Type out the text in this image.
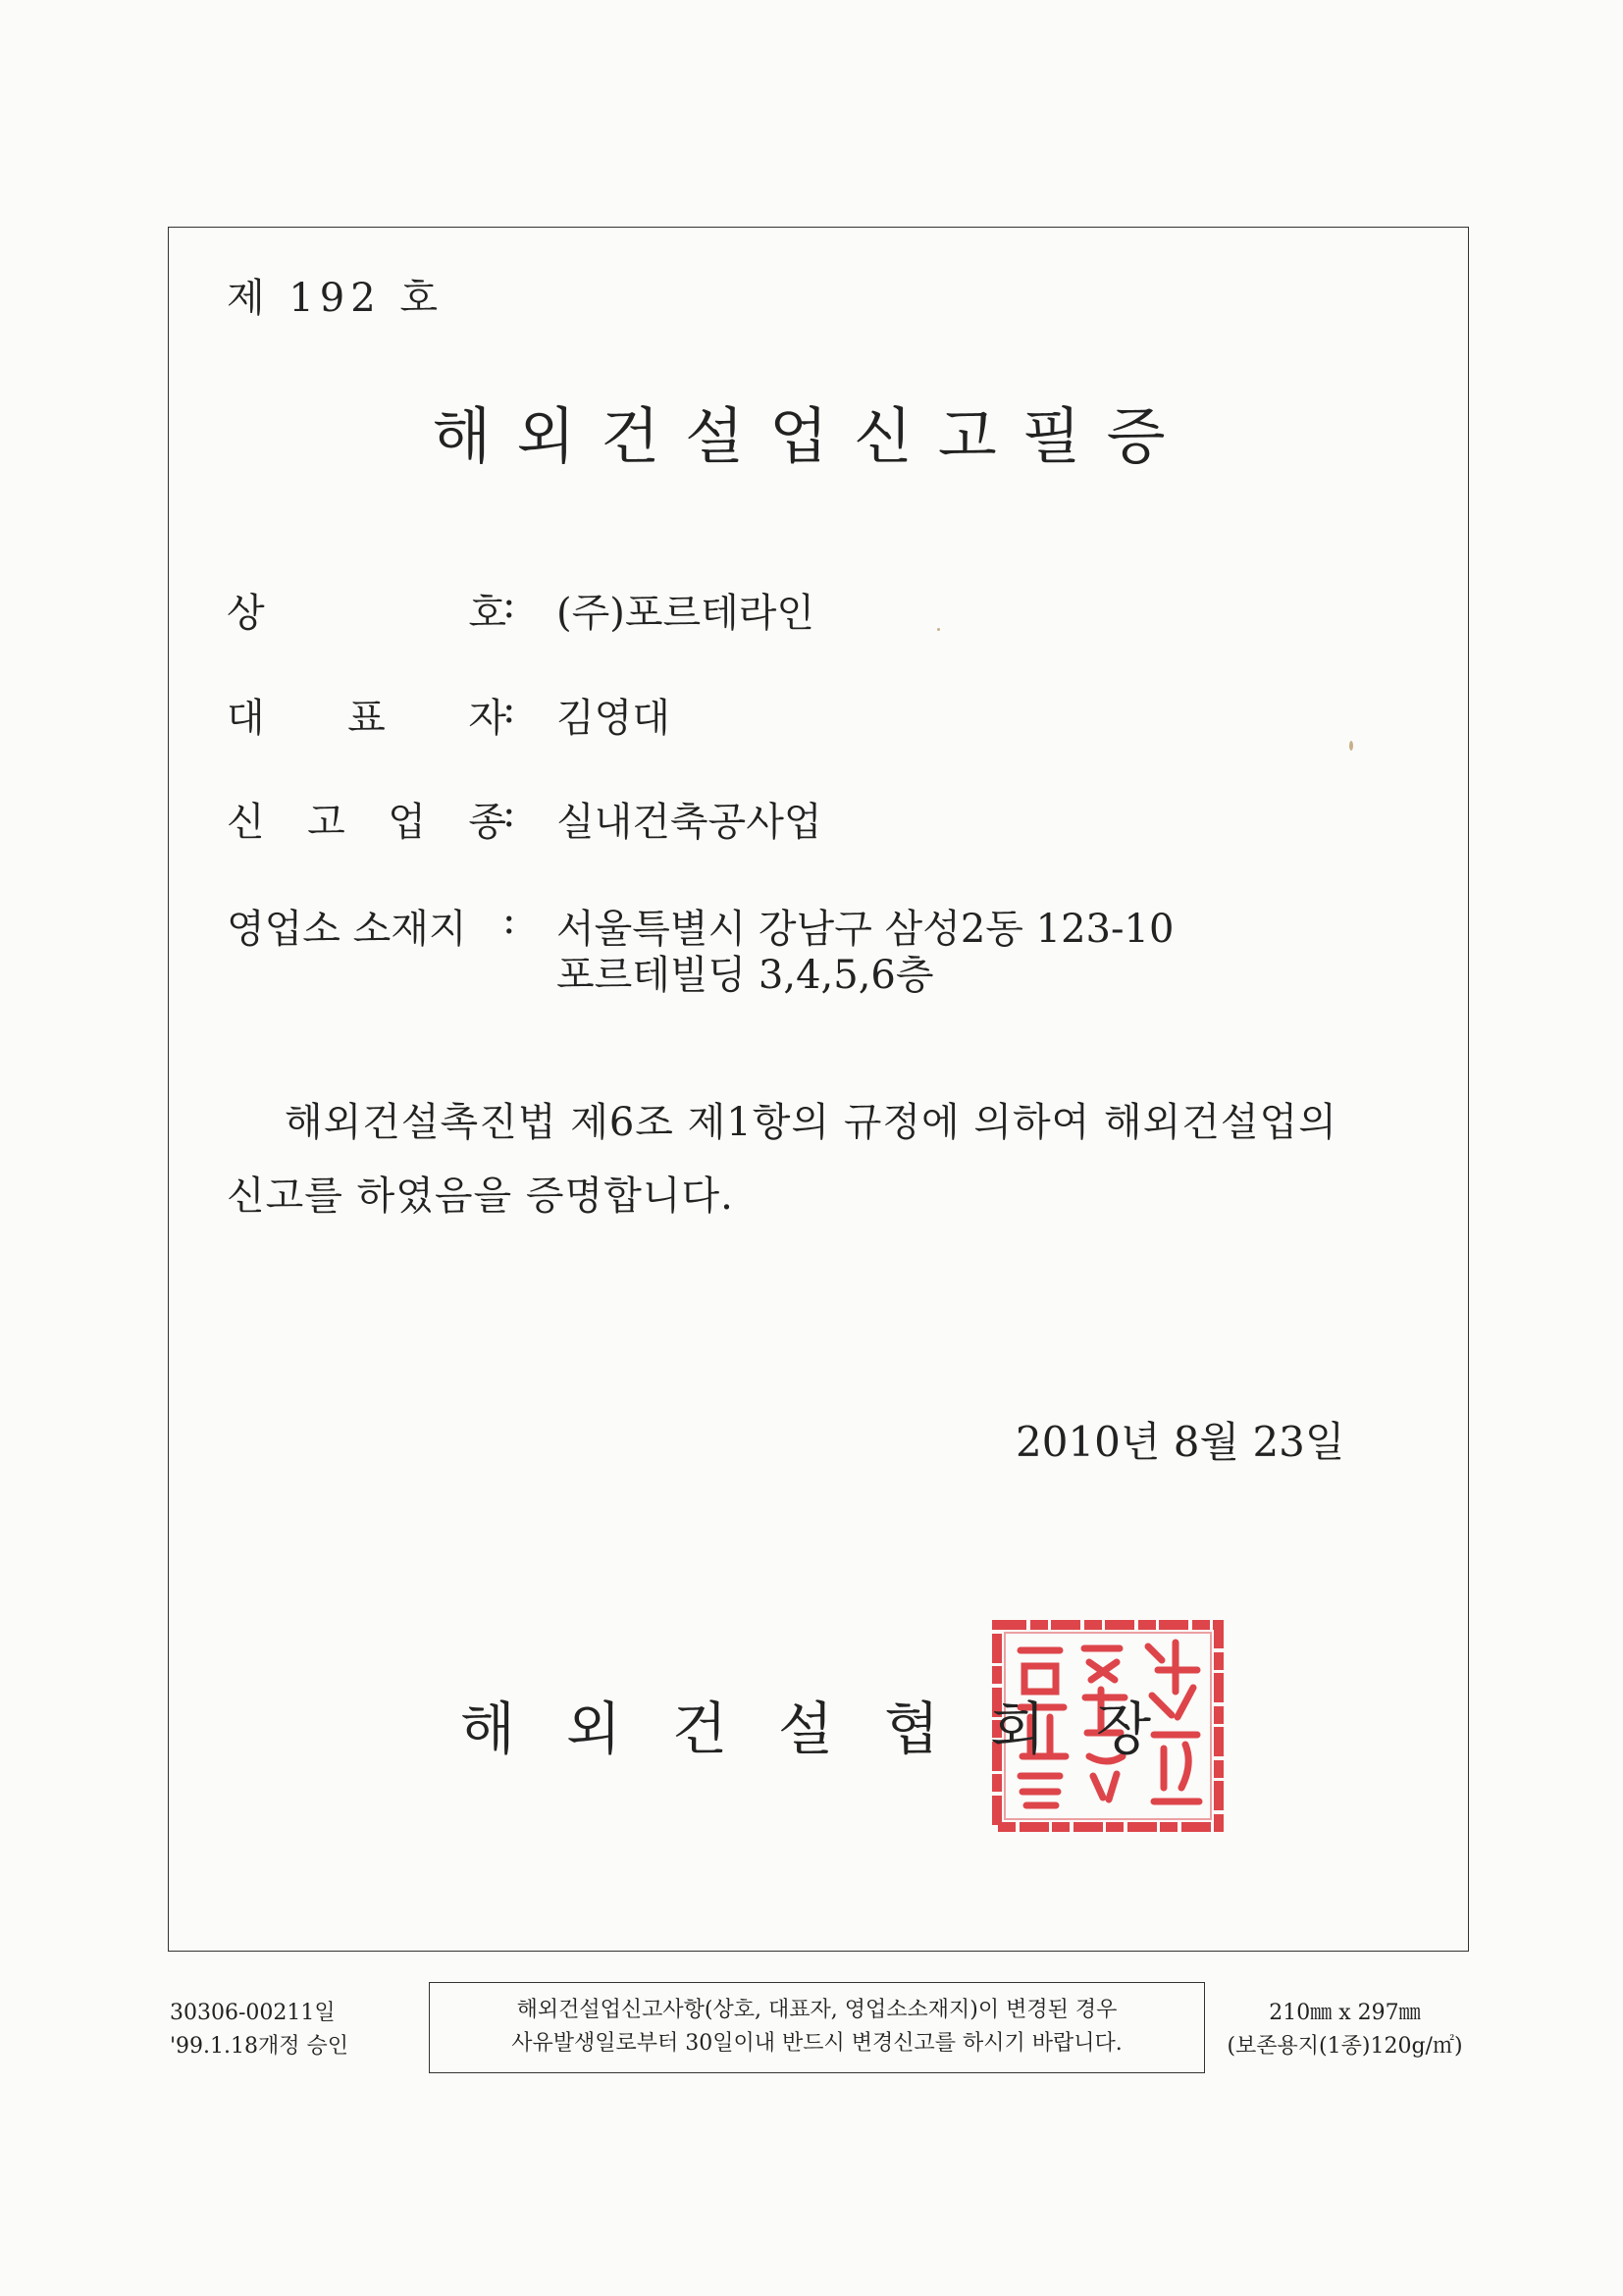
제 192 호
해외건설업신고필증
상	호
: (주)포르테라인
대 표 자
: 김영대
신 고 업 종
: 실내건축공사업
영업소 소재지 : 서울특별시 강남구 삼성2동 123-10
포르테빌딩 3,4,5,6층
해외건설촉진법 제6조 제1항의 규정에 의하여 해외건설업의
신고를 하였음을 증명합니다.
2010년 8월 23일
해외건설협회장
30306-00211일
'99.1.18개정 승인
해외건설업신고사항(상호, 대표자, 영업소소재지)이 변경된 경우
사유발생일로부터 30일이내 반드시 변경신고를 하시기 바랍니다.
210㎜ x 297㎜
(보존용지(1종)120g/㎡)
